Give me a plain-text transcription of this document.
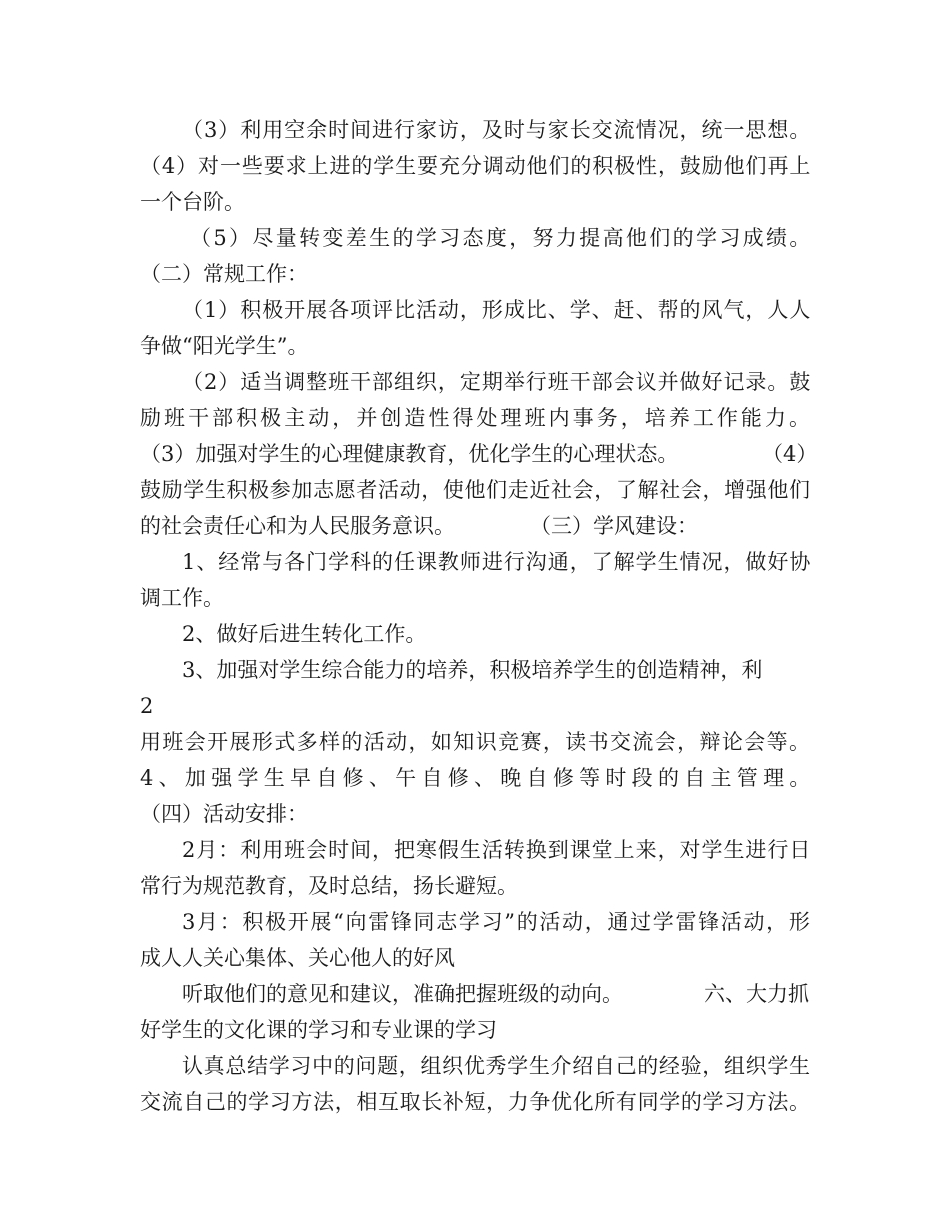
（3）利用空余时间进行家访，及时与家长交流情况，统一思想。
（4）对一些要求上进的学生要充分调动他们的积极性，鼓励他们再上
一个台阶。
（5）尽量转变差生的学习态度，努力提高他们的学习成绩。
（二）常规工作：
（1）积极开展各项评比活动，形成比、学、赶、帮的风气，人人
争做“阳光学生”。
（2）适当调整班干部组织，定期举行班干部会议并做好记录。鼓
励班干部积极主动，并创造性得处理班内事务，培养工作能力。
（3）加强对学生的心理健康教育，优化学生的心理状态。	（4）
鼓励学生积极参加志愿者活动，使他们走近社会，了解社会，增强他们
的社会责任心和为人民服务意识。	（三）学风建设：
1、经常与各门学科的任课教师进行沟通，了解学生情况，做好协
调工作。
2、做好后进生转化工作。
3、加强对学生综合能力的培养，积极培养学生的创造精神，利
2
用班会开展形式多样的活动，如知识竞赛，读书交流会，辩论会等。
4、加强学生早自修、午自修、晚自修等时段的自主管理。
（四）活动安排：
2月：利用班会时间，把寒假生活转换到课堂上来，对学生进行日
常行为规范教育，及时总结，扬长避短。
3月：积极开展“向雷锋同志学习”的活动，通过学雷锋活动，形
成人人关心集体、关心他人的好风
听取他们的意见和建议，准确把握班级的动向。	六、大力抓
好学生的文化课的学习和专业课的学习
认真总结学习中的问题，组织优秀学生介绍自己的经验，组织学生
交流自己的学习方法，相互取长补短，力争优化所有同学的学习方法。
